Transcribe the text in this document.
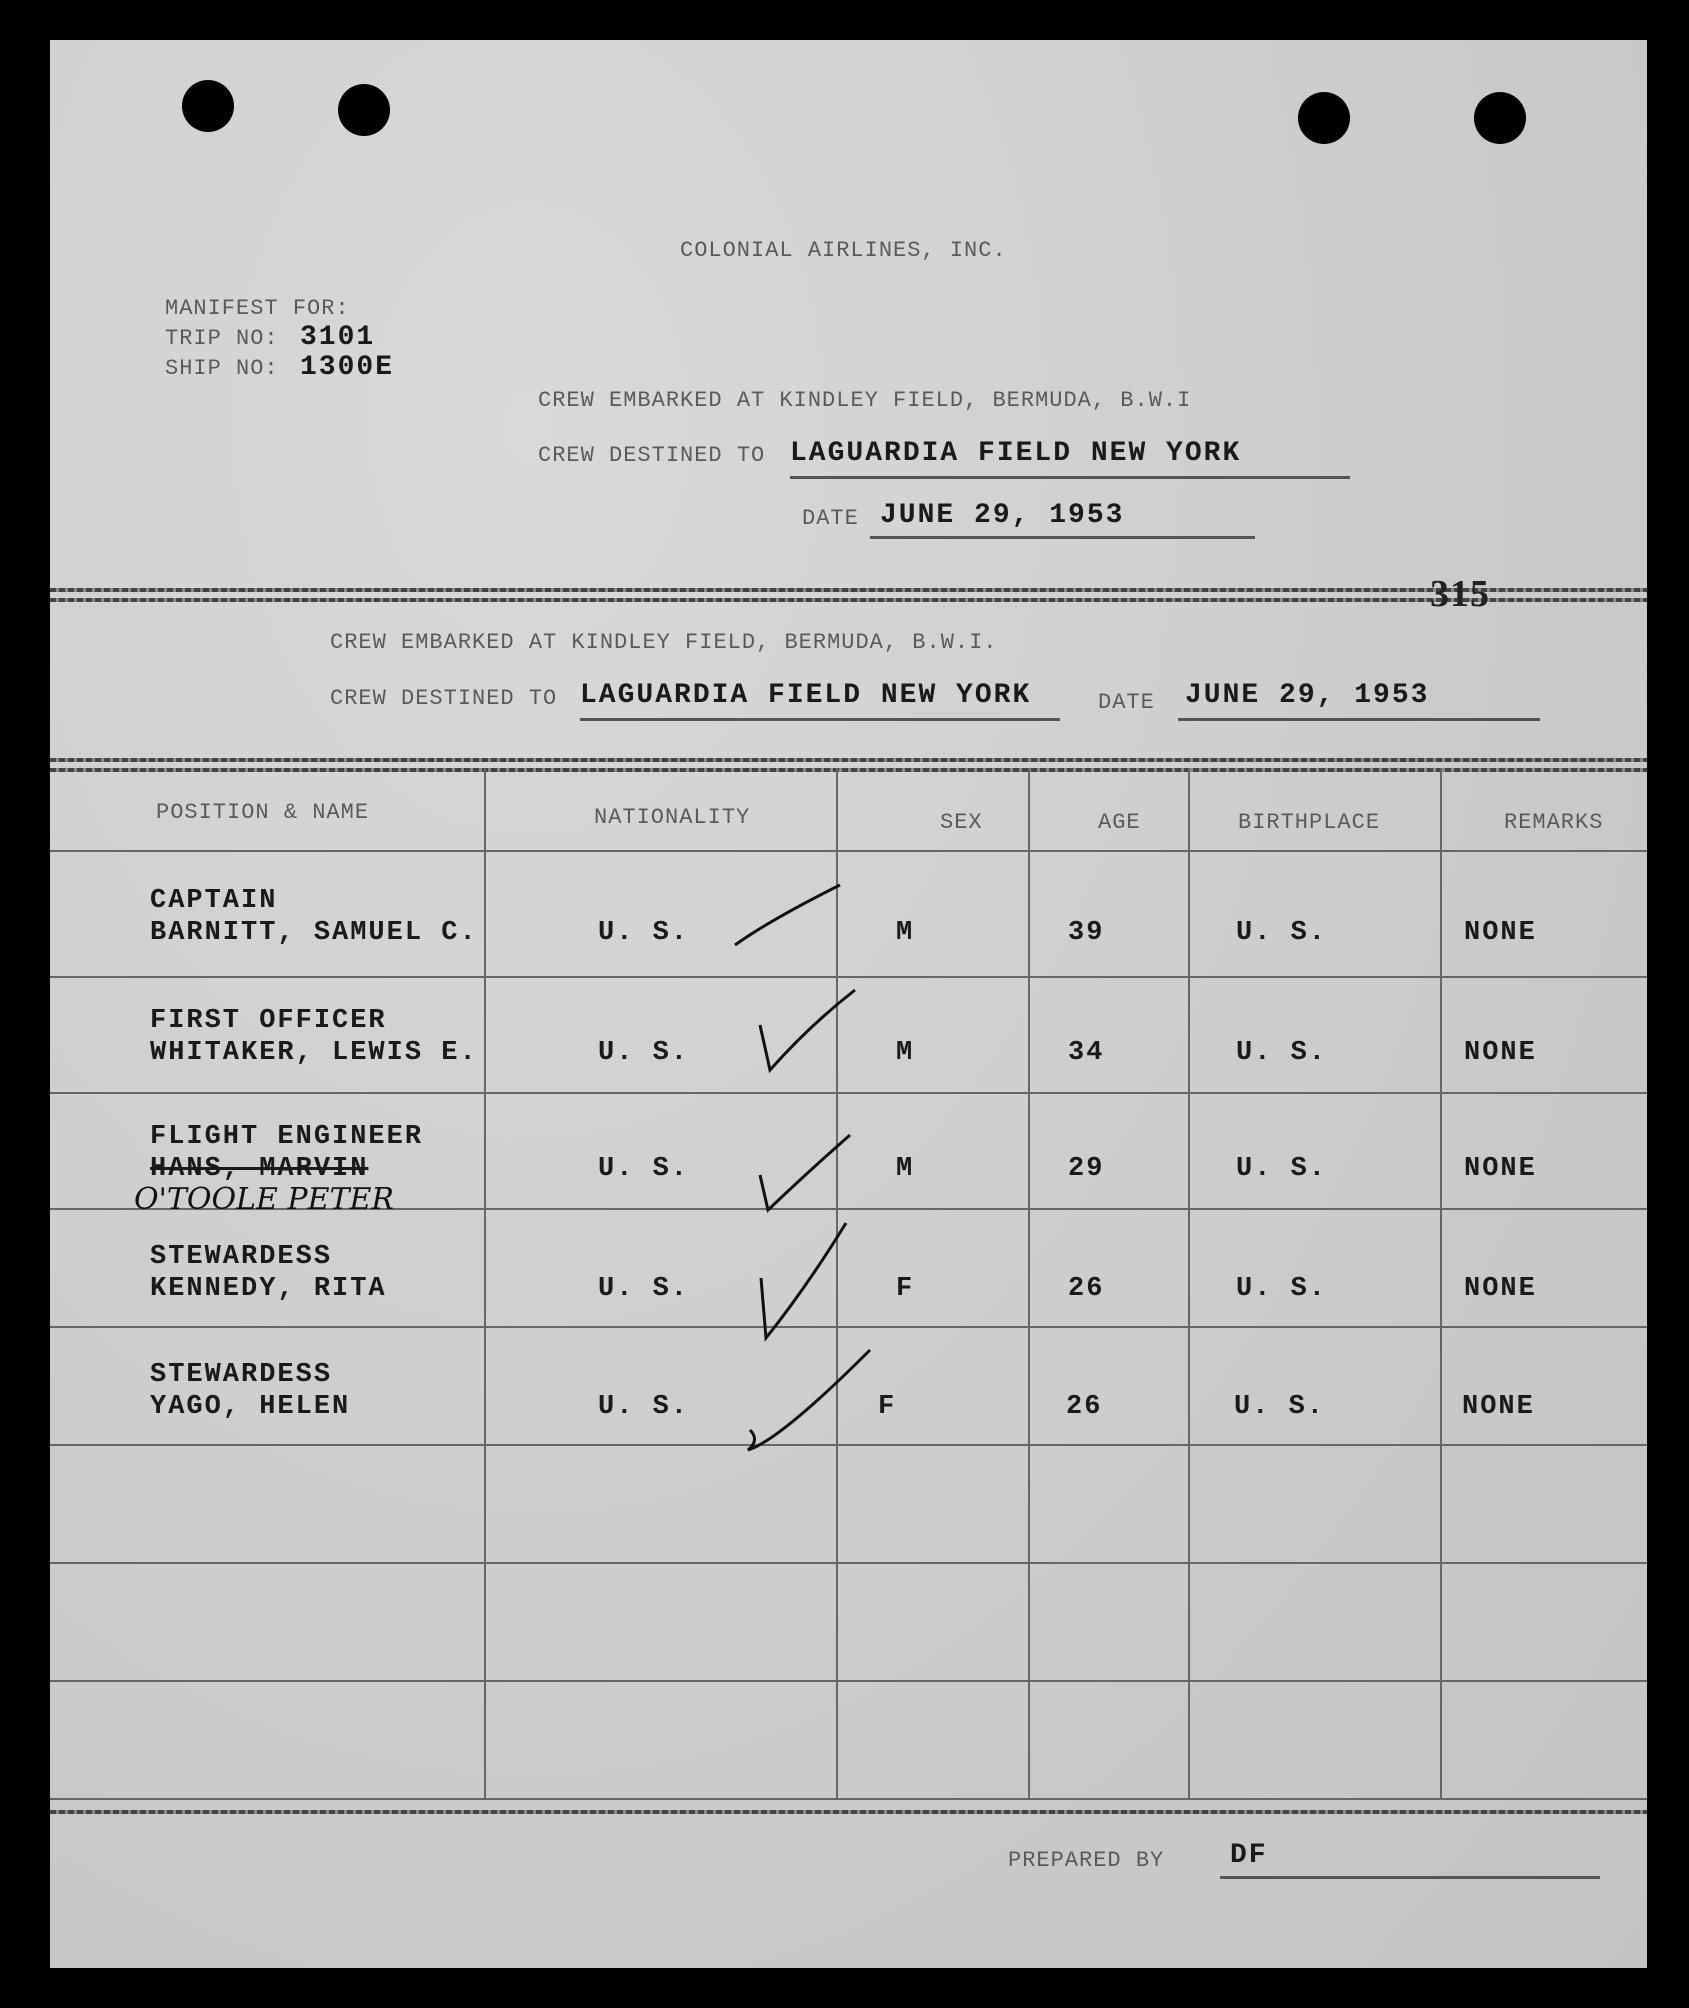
COLONIAL AIRLINES, INC.
MANIFEST FOR:
TRIP NO: 3101
SHIP NO: 1300E
CREW EMBARKED AT KINDLEY FIELD, BERMUDA, B.W.I
CREW DESTINED TO LAGUARDIA FIELD NEW YORK
DATE JUNE 29, 1953
315
CREW EMBARKED AT KINDLEY FIELD, BERMUDA, B.W.I.
CREW DESTINED TO LAGUARDIA FIELD NEW YORK	DATE JUNE 29, 1953
POSITION & NAME	NATIONALITY	SEX	AGE	BIRTHPLACE	REMARKS
CAPTAIN
BARNITT, SAMUEL C.	U. S.	M	39	U. S.	NONE
FIRST OFFICER
WHITAKER, LEWIS E.	U. S.	M	34	U. S.	NONE
FLIGHT ENGINEER
HANS, MARVIN
O'TOOLE PETER
U. S.	M	29	U. S.	NONE
STEWARDESS
KENNEDY, RITA	U. S.	F	26	U. S.	NONE
STEWARDESS
YAGO, HELEN	U. S.	F	26	U. S.	NONE
PREPARED BY DF
